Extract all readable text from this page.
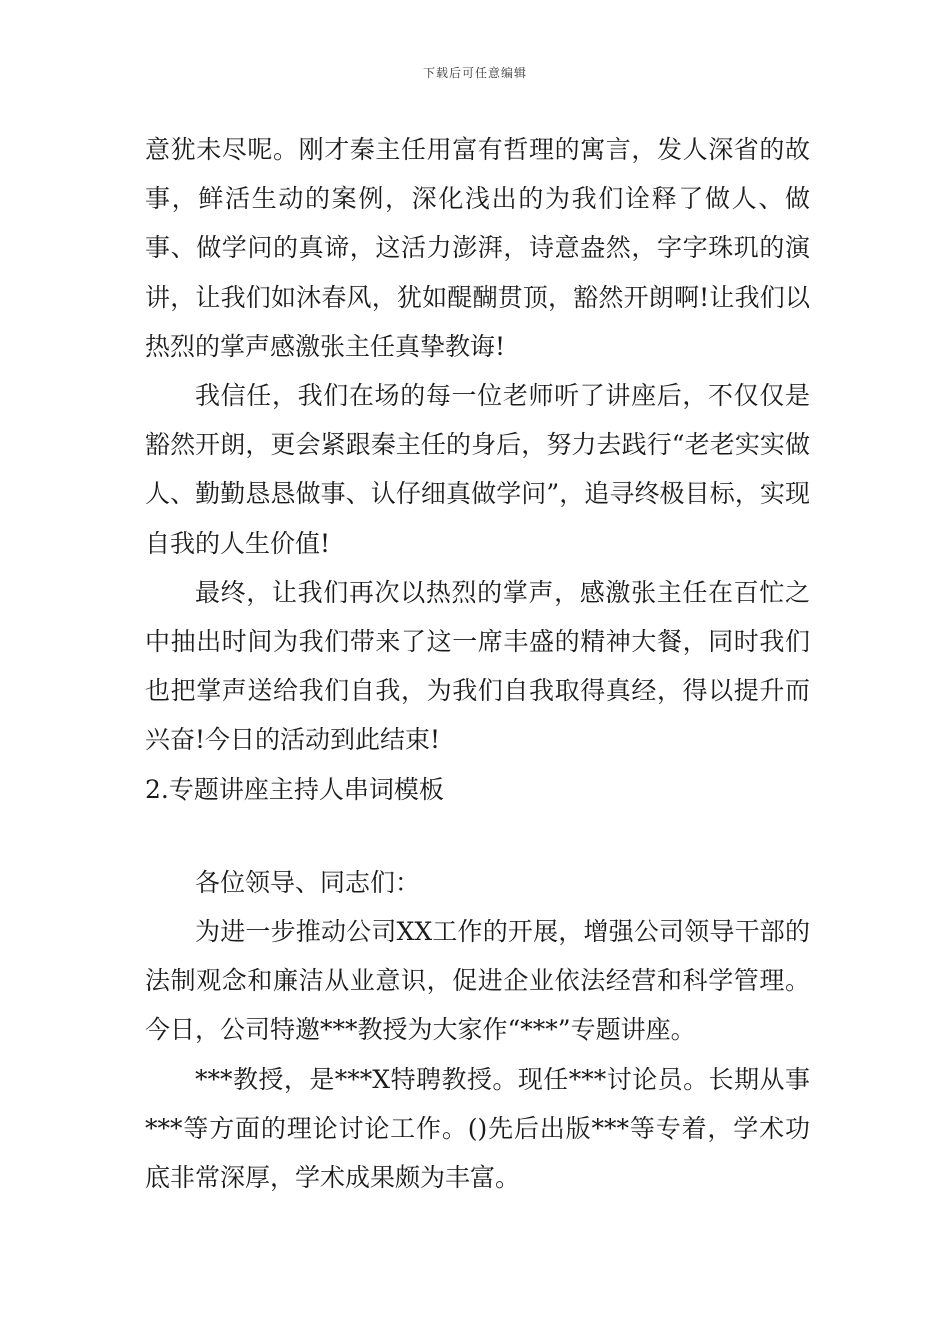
下载后可任意编辑

意犹未尽呢。刚才秦主任用富有哲理的寓言，发人深省的故事，鲜活生动的案例，深化浅出的为我们诠释了做人、做事、做学问的真谛，这活力澎湃，诗意盎然，字字珠玑的演讲，让我们如沐春风，犹如醍醐贯顶，豁然开朗啊!让我们以热烈的掌声感激张主任真挚教诲!

我信任，我们在场的每一位老师听了讲座后，不仅仅是豁然开朗，更会紧跟秦主任的身后，努力去践行“老老实实做人、勤勤恳恳做事、认仔细真做学问”，追寻终极目标，实现自我的人生价值!

最终，让我们再次以热烈的掌声，感激张主任在百忙之中抽出时间为我们带来了这一席丰盛的精神大餐，同时我们也把掌声送给我们自我，为我们自我取得真经，得以提升而兴奋!今日的活动到此结束!

2.专题讲座主持人串词模板

各位领导、同志们：

为进一步推动公司XX工作的开展，增强公司领导干部的法制观念和廉洁从业意识，促进企业依法经营和科学管理。今日，公司特邀***教授为大家作“***”专题讲座。

***教授，是***X特聘教授。现任***讨论员。长期从事***等方面的理论讨论工作。()先后出版***等专着，学术功底非常深厚，学术成果颇为丰富。
